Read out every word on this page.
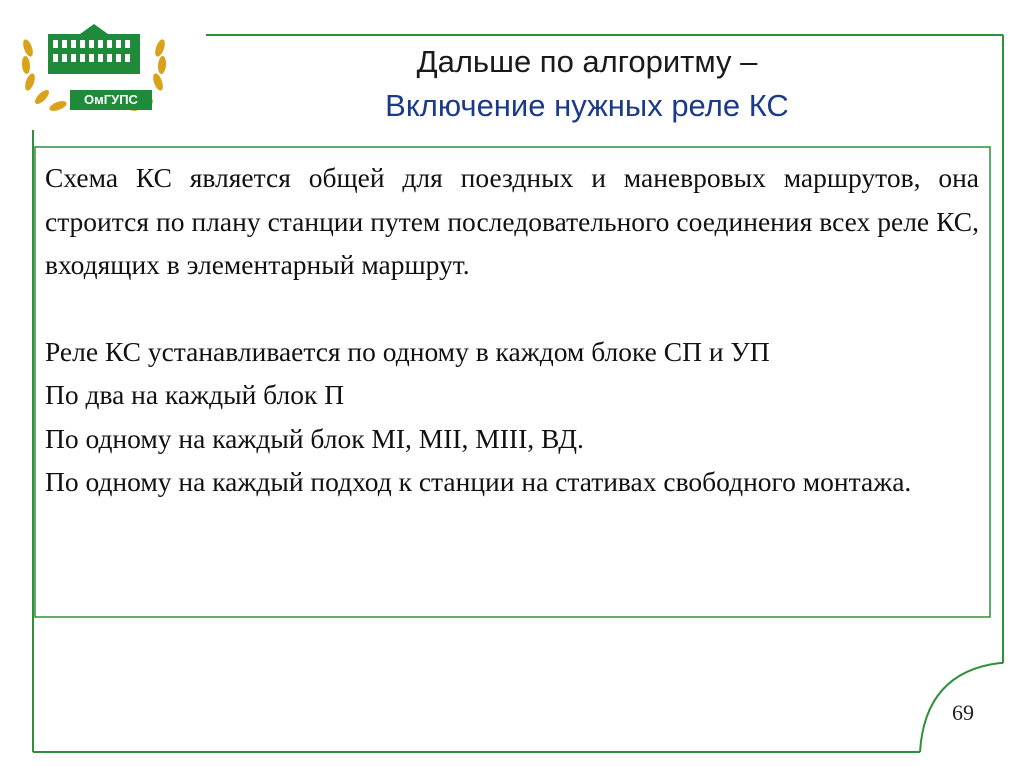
ОмГУПС
Дальше по алгоритму –
Включение нужных реле КС

Схема КС является общей для поездных и маневровых маршрутов, она строится по плану станции путем последовательного соединения всех реле КС, входящих в элементарный маршрут.

Реле КС устанавливается по одному в каждом блоке СП и УП

По два на каждый блок П

По одному на каждый блок МI, МII, МIII, ВД.

По одному на каждый подход к станции на стативах свободного монтажа.

69
